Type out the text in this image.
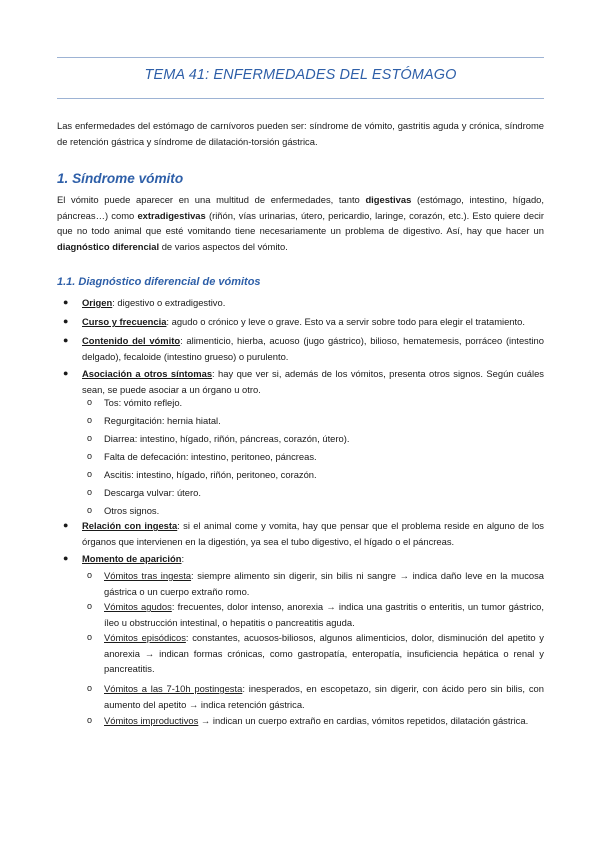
TEMA 41: ENFERMEDADES DEL ESTÓMAGO

Las enfermedades del estómago de carnívoros pueden ser: síndrome de vómito, gastritis aguda y crónica, síndrome de retención gástrica y síndrome de dilatación-torsión gástrica.

1. Síndrome vómito

El vómito puede aparecer en una multitud de enfermedades, tanto digestivas (estómago, intestino, hígado, páncreas…) como extradigestivas (riñón, vías urinarias, útero, pericardio, laringe, corazón, etc.). Esto quiere decir que no todo animal que esté vomitando tiene necesariamente un problema de digestivo. Así, hay que hacer un diagnóstico diferencial de varios aspectos del vómito.

1.1. Diagnóstico diferencial de vómitos
● Origen: digestivo o extradigestivo.
● Curso y frecuencia: agudo o crónico y leve o grave. Esto va a servir sobre todo para elegir el tratamiento.
● Contenido del vómito: alimenticio, hierba, acuoso (jugo gástrico), bilioso, hematemesis, porráceo (intestino delgado), fecaloide (intestino grueso) o purulento.
● Asociación a otros síntomas: hay que ver si, además de los vómitos, presenta otros signos. Según cuáles sean, se puede asociar a un órgano u otro.
o Tos: vómito reflejo.
o Regurgitación: hernia hiatal.
o Diarrea: intestino, hígado, riñón, páncreas, corazón, útero).
o Falta de defecación: intestino, peritoneo, páncreas.
o Ascitis: intestino, hígado, riñón, peritoneo, corazón.
o Descarga vulvar: útero.
o Otros signos.
● Relación con ingesta: si el animal come y vomita, hay que pensar que el problema reside en alguno de los órganos que intervienen en la digestión, ya sea el tubo digestivo, el hígado o el páncreas.
● Momento de aparición:
o Vómitos tras ingesta: siempre alimento sin digerir, sin bilis ni sangre → indica daño leve en la mucosa gástrica o un cuerpo extraño romo.
o Vómitos agudos: frecuentes, dolor intenso, anorexia → indica una gastritis o enteritis, un tumor gástrico, íleo u obstrucción intestinal, o hepatitis o pancreatitis aguda.
o Vómitos episódicos: constantes, acuosos-biliosos, algunos alimenticios, dolor, disminución del apetito y anorexia → indican formas crónicas, como gastropatía, enteropatía, insuficiencia hepática o renal y pancreatitis.
o Vómitos a las 7-10h postingesta: inesperados, en escopetazo, sin digerir, con ácido pero sin bilis, con aumento del apetito → indica retención gástrica.
o Vómitos improductivos → indican un cuerpo extraño en cardias, vómitos repetidos, dilatación gástrica.
